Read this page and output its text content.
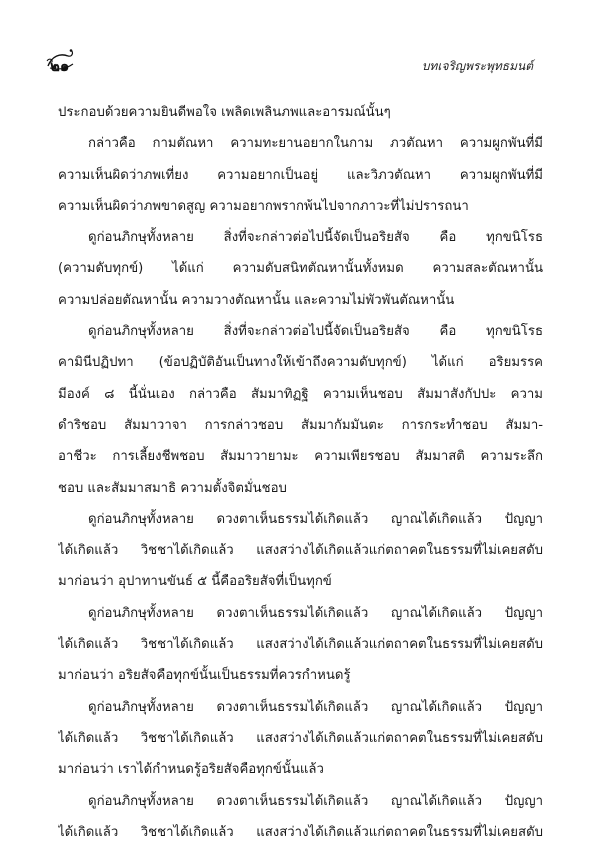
๒๑	บทเจริญพระพุทธมนต์
ประกอบด้วยความยินดีพอใจ เพลิดเพลินภพและอารมณ์นั้นๆ
กล่าวคือ กามตัณหา ความทะยานอยากในกาม ภวตัณหา ความผูกพันที่มี
ความเห็นผิดว่าภพเที่ยง ความอยากเป็นอยู่ และวิภวตัณหา ความผูกพันที่มี
ความเห็นผิดว่าภพขาดสูญ ความอยากพรากพ้นไปจากภาวะที่ไม่ปรารถนา
ดูก่อนภิกษุทั้งหลาย สิ่งที่จะกล่าวต่อไปนี้จัดเป็นอริยสัจ คือ ทุกขนิโรธ
(ความดับทุกข์) ได้แก่ ความดับสนิทตัณหานั้นทั้งหมด ความสละตัณหานั้น
ความปล่อยตัณหานั้น ความวางตัณหานั้น และความไม่พัวพันตัณหานั้น
ดูก่อนภิกษุทั้งหลาย สิ่งที่จะกล่าวต่อไปนี้จัดเป็นอริยสัจ คือ ทุกขนิโรธ
คามินีปฏิปทา (ข้อปฏิบัติอันเป็นทางให้เข้าถึงความดับทุกข์) ได้แก่ อริยมรรค
มีองค์ ๘ นี้นั่นเอง กล่าวคือ สัมมาทิฏฐิ ความเห็นชอบ สัมมาสังกัปปะ ความ
ดำริชอบ สัมมาวาจา การกล่าวชอบ สัมมากัมมันตะ การกระทำชอบ สัมมา-
อาชีวะ การเลี้ยงชีพชอบ สัมมาวายามะ ความเพียรชอบ สัมมาสติ ความระลึก
ชอบ และสัมมาสมาธิ ความตั้งจิตมั่นชอบ
ดูก่อนภิกษุทั้งหลาย ดวงตาเห็นธรรมได้เกิดแล้ว ญาณได้เกิดแล้ว ปัญญา
ได้เกิดแล้ว วิชชาได้เกิดแล้ว แสงสว่างได้เกิดแล้วแก่ตถาคตในธรรมที่ไม่เคยสดับ
มาก่อนว่า อุปาทานขันธ์ ๕ นี้คืออริยสัจที่เป็นทุกข์
ดูก่อนภิกษุทั้งหลาย ดวงตาเห็นธรรมได้เกิดแล้ว ญาณได้เกิดแล้ว ปัญญา
ได้เกิดแล้ว วิชชาได้เกิดแล้ว แสงสว่างได้เกิดแล้วแก่ตถาคตในธรรมที่ไม่เคยสดับ
มาก่อนว่า อริยสัจคือทุกข์นั้นเป็นธรรมที่ควรกำหนดรู้
ดูก่อนภิกษุทั้งหลาย ดวงตาเห็นธรรมได้เกิดแล้ว ญาณได้เกิดแล้ว ปัญญา
ได้เกิดแล้ว วิชชาได้เกิดแล้ว แสงสว่างได้เกิดแล้วแก่ตถาคตในธรรมที่ไม่เคยสดับ
มาก่อนว่า เราได้กำหนดรู้อริยสัจคือทุกข์นั้นแล้ว
ดูก่อนภิกษุทั้งหลาย ดวงตาเห็นธรรมได้เกิดแล้ว ญาณได้เกิดแล้ว ปัญญา
ได้เกิดแล้ว วิชชาได้เกิดแล้ว แสงสว่างได้เกิดแล้วแก่ตถาคตในธรรมที่ไม่เคยสดับ
